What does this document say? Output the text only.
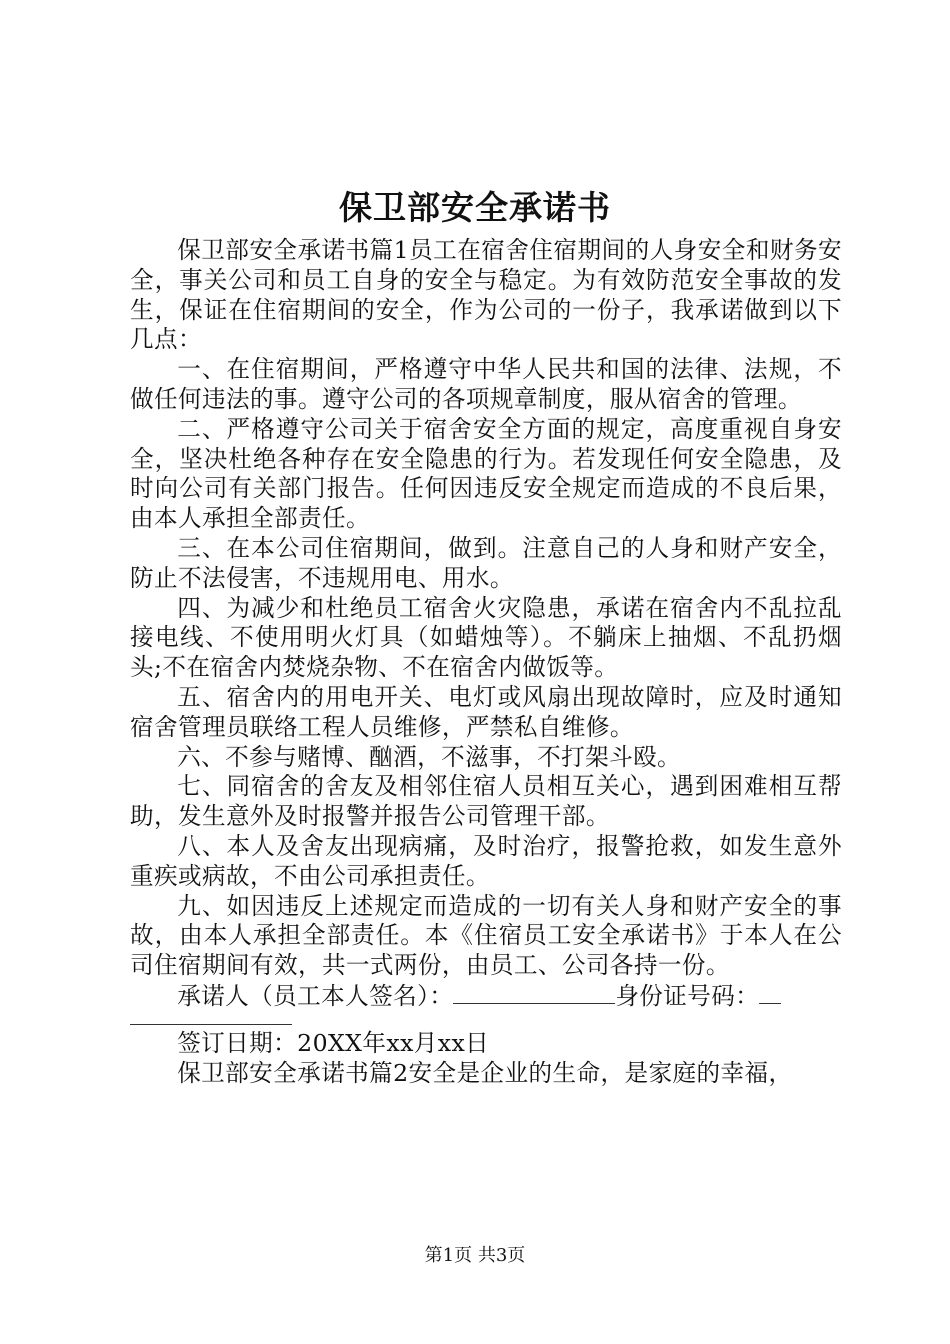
保卫部安全承诺书

保卫部安全承诺书篇1员工在宿舍住宿期间的人身安全和财务安全，事关公司和员工自身的安全与稳定。为有效防范安全事故的发生，保证在住宿期间的安全，作为公司的一份子，我承诺做到以下几点：

一、在住宿期间，严格遵守中华人民共和国的法律、法规，不做任何违法的事。遵守公司的各项规章制度，服从宿舍的管理。

二、严格遵守公司关于宿舍安全方面的规定，高度重视自身安全，坚决杜绝各种存在安全隐患的行为。若发现任何安全隐患，及时向公司有关部门报告。任何因违反安全规定而造成的不良后果，由本人承担全部责任。

三、在本公司住宿期间，做到。注意自己的人身和财产安全，防止不法侵害，不违规用电、用水。

四、为减少和杜绝员工宿舍火灾隐患，承诺在宿舍内不乱拉乱接电线、不使用明火灯具（如蜡烛等）。不躺床上抽烟、不乱扔烟头;不在宿舍内焚烧杂物、不在宿舍内做饭等。

五、宿舍内的用电开关、电灯或风扇出现故障时，应及时通知宿舍管理员联络工程人员维修，严禁私自维修。

六、不参与赌博、酗酒，不滋事，不打架斗殴。

七、同宿舍的舍友及相邻住宿人员相互关心，遇到困难相互帮助，发生意外及时报警并报告公司管理干部。

八、本人及舍友出现病痛，及时治疗，报警抢救，如发生意外重疾或病故，不由公司承担责任。

九、如因违反上述规定而造成的一切有关人身和财产安全的事故，由本人承担全部责任。本《住宿员工安全承诺书》于本人在公司住宿期间有效，共一式两份，由员工、公司各持一份。

承诺人（员工本人签名）：	身份证号码：

签订日期：20XX年xx月xx日

保卫部安全承诺书篇2安全是企业的生命，是家庭的幸福，

第1页 共3页
